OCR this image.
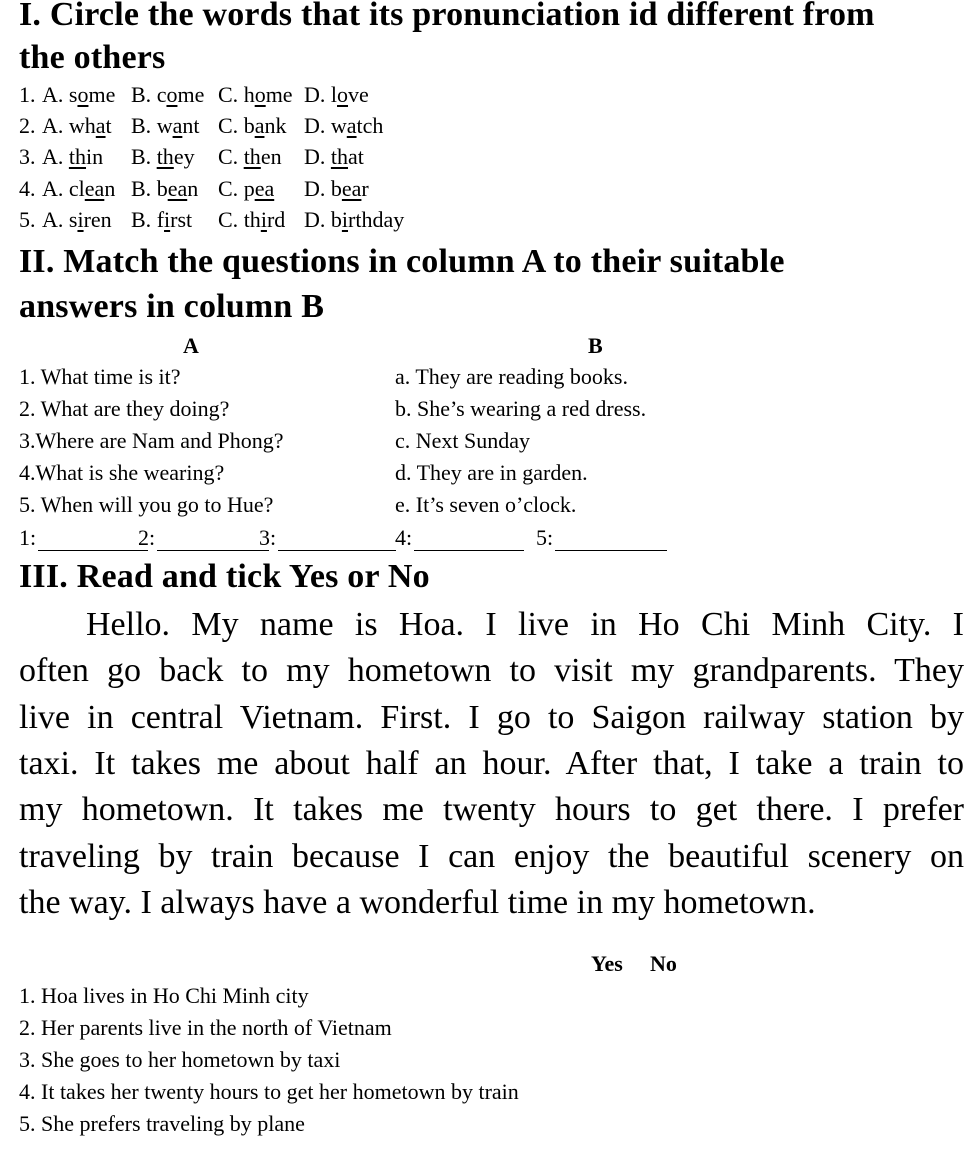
I. Circle the words that its pronunciation id different from
the others
1. A. some B. come C. home D. love
2. A. what B. want C. bank D. watch
3. A. thin B. they C. then D. that
4. A. clean B. bean C. pea D. bear
5. A. siren B. first C. third D. birthday
II. Match the questions in column A to their suitable
answers in column B
A	B
1. What time is it?	a. They are reading books.
2. What are they doing?	b. She’s wearing a red dress.
3.Where are Nam and Phong?	c. Next Sunday
4.What is she wearing?	d. They are in garden.
5. When will you go to Hue?	e. It’s seven o’clock.
1:	2:	3:	4:	5:
III. Read and tick Yes or No
Hello. My name is Hoa. I live in Ho Chi Minh City. I
often go back to my hometown to visit my grandparents. They
live in central Vietnam. First. I go to Saigon railway station by
taxi. It takes me about half an hour. After that, I take a train to
my hometown. It takes me twenty hours to get there. I prefer
traveling by train because I can enjoy the beautiful scenery on
the way. I always have a wonderful time in my hometown.
Yes No
1. Hoa lives in Ho Chi Minh city
2. Her parents live in the north of Vietnam
3. She goes to her hometown by taxi
4. It takes her twenty hours to get her hometown by train
5. She prefers traveling by plane
